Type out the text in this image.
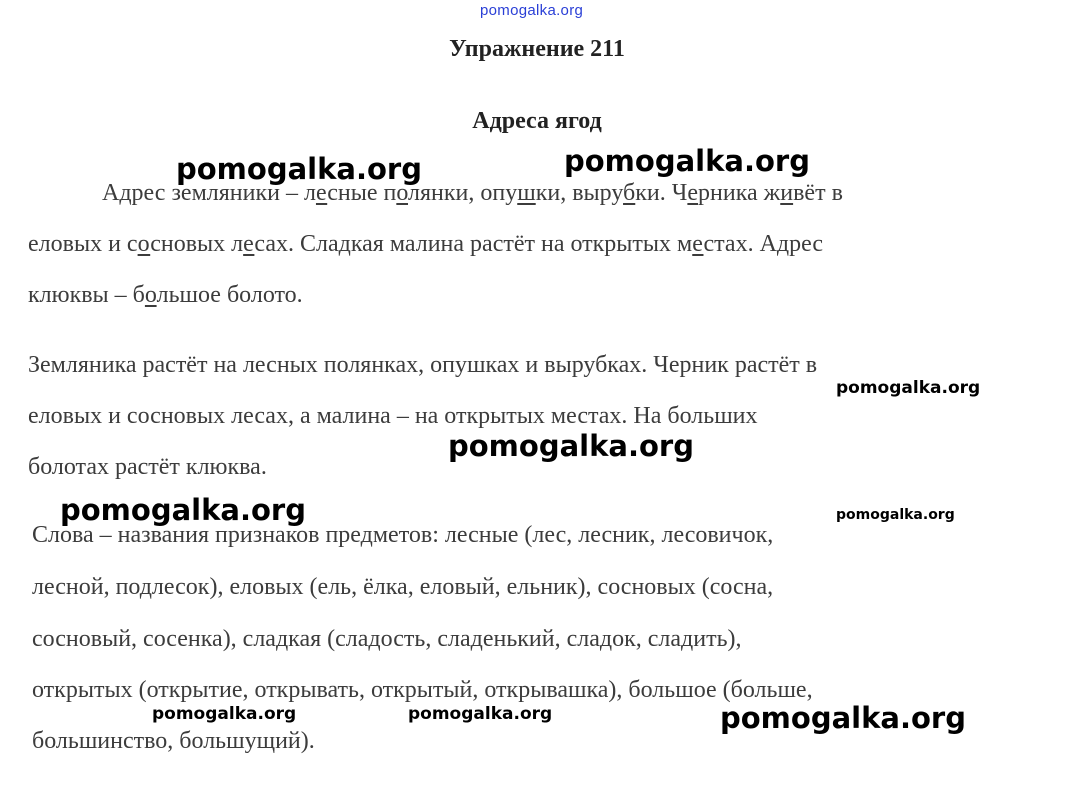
pomogalka.org
Упражнение 211
Адреса ягод
Адрес земляники – лесные полянки, опушки, вырубки. Черника живёт в
еловых и сосновых лесах. Сладкая малина растёт на открытых местах. Адрес
клюквы – большое болото.
Земляника растёт на лесных полянках, опушках и вырубках. Черник растёт в
еловых и сосновых лесах, а малина – на открытых местах. На больших
болотах растёт клюква.
Слова – названия признаков предметов: лесные (лес, лесник, лесовичок,
лесной, подлесок), еловых (ель, ёлка, еловый, ельник), сосновых (сосна,
сосновый, сосенка), сладкая (сладость, сладенький, сладок, сладить),
открытых (открытие, открывать, открытый, открывашка), большое (больше,
большинство, большущий).
pomogalka.org	pomogalka.org
pomogalka.org
pomogalka.org
pomogalka.org	pomogalka.org
pomogalka.org	pomogalka.org	pomogalka.org
